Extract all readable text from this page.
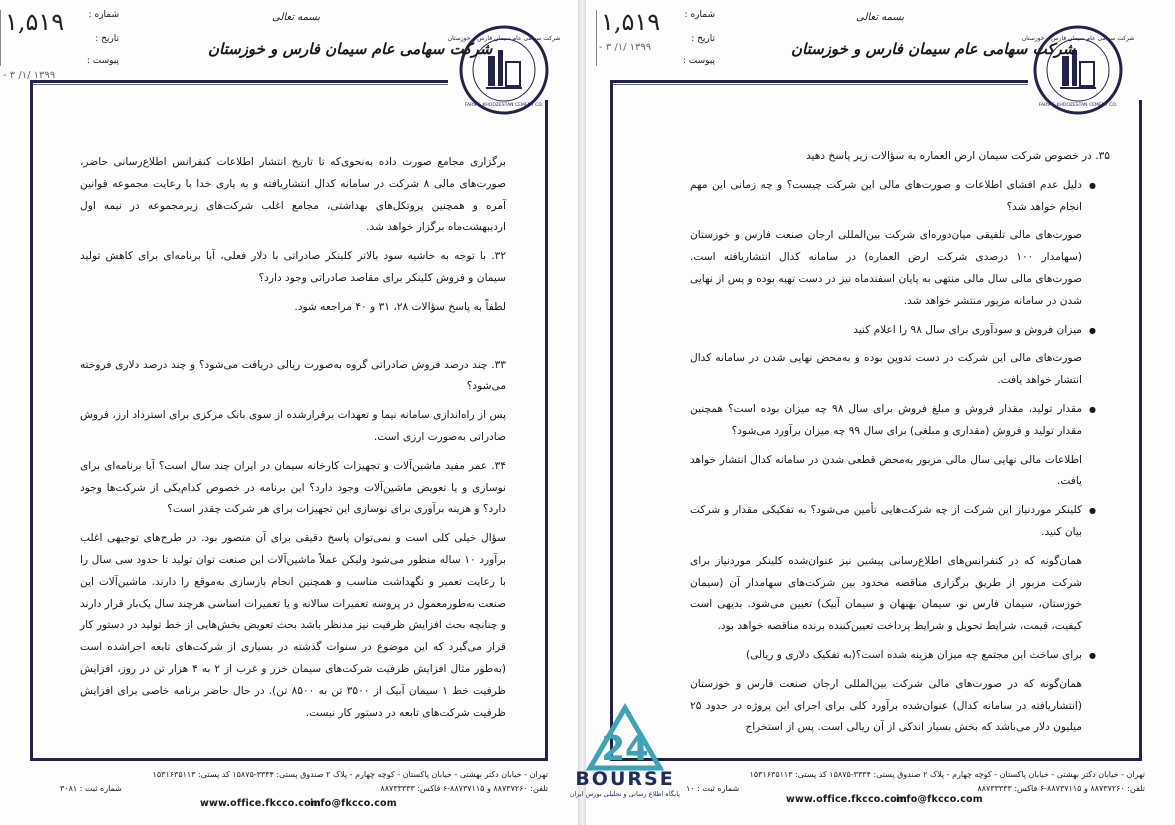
شرکت سهامی عام سیمان فارس و خوزستان
FARS & KHOOZESTAN CEMENT CO.
بسمه تعالی
شرکت سهامی عام سیمان فارس و خوزستان
شماره :
تاریخ :
پیوست :
۱,۵۱۹
۱۳۹۹ /۱/ ۳ -

برگزاری مجامع صورت داده به‌نحوی‌که تا تاریخ انتشار اطلاعات کنفرانس اطلاع‌رسانی حاضر، صورت‌های مالی ۸ شرکت در سامانه کدال انتشاریافته و به یاری خدا با رعایت مجموعه قوانین آمره و همچنین پروتکل‌های بهداشتی، مجامع اغلب شرکت‌های زیرمجموعه در نیمه اول اردیبهشت‌ماه برگزار خواهد شد.

۳۲. با توجه به حاشیه سود بالاتر کلینکر صادراتی با دلار فعلی، آیا برنامه‌ای برای کاهش تولید سیمان و فروش کلینکر برای مقاصد صادراتی وجود دارد؟

لطفاً به پاسخ سؤالات ۲۸، ۳۱ و ۴۰ مراجعه شود.

۳۳. چند درصد فروش صادراتی گروه به‌صورت ریالی دریافت می‌شود؟ و چند درصد دلاری فروخته می‌شود؟

پس از راه‌اندازی سامانه نیما و تعهدات برقرارشده از سوی بانک مرکزی برای استرداد ارز، فروش صادراتی به‌صورت ارزی است.

۳۴. عمر مفید ماشین‌آلات و تجهیزات کارخانه سیمان در ایران چند سال است؟ آیا برنامه‌ای برای نوسازی و یا تعویض ماشین‌آلات وجود دارد؟ این برنامه در خصوص کدام‌یکی از شرکت‌ها وجود دارد؟ و هزینه برآوری برای نوسازی این تجهیزات برای هر شرکت چقدر است؟

سؤال خیلی کلی است و نمی‌توان پاسخ دقیقی برای آن متصور بود. در طرح‌های توجیهی اغلب برآورد ۱۰ ساله منظور می‌شود ولیکن عملاً ماشین‌آلات این صنعت توان تولید تا حدود سی سال را با رعایت تعمیر و نگهداشت مناسب و همچنین انجام بازسازی به‌موقع را دارند. ماشین‌آلات این صنعت به‌طورمعمول در پروسه تعمیرات سالانه و یا تعمیرات اساسی هرچند سال یک‌بار قرار دارند و چنانچه بحث افزایش ظرفیت نیز مدنظر باشد بحث تعویض بخش‌هایی از خط تولید در دستور کار قرار می‌گیرد که این موضوع در سنوات گذشته در بسیاری از شرکت‌های تابعه اجراشده است (به‌طور مثال افزایش ظرفیت شرکت‌های سیمان خزر و غرب از ۲ به ۴ هزار تن در روز، افزایش ظرفیت خط ۱ سیمان آبیک از ۳۵۰۰ تن به ۸۵۰۰ تن). در حال حاضر برنامه خاصی برای افزایش ظرفیت شرکت‌های تابعه در دستور کار نیست.

تهران - خیابان دکتر بهشتی - خیابان پاکستان - کوچه چهارم - پلاک ۲ صندوق پستی: ۳۳۳۴-۱۵۸۷۵ کد پستی: ۱۵۳۱۶۳۵۱۱۳
تلفن: ۸۸۷۳۷۲۶۰ و ۸۸۷۳۷۱۱۵-۶ فاکس: ۸۸۷۳۳۳۳۳
شماره ثبت : ۳۰۸۱
www.office.fkcco.com
info@fkcco.com
شرکت سهامی عام سیمان فارس و خوزستان
FARS & KHOOZESTAN CEMENT CO.
بسمه تعالی
شرکت سهامی عام سیمان فارس و خوزستان
شماره :
تاریخ :
پیوست :
۱,۵۱۹
۱۳۹۹ /۱/ ۳ -

۳۵. در خصوص شرکت سیمان ارض العماره به سؤالات زیر پاسخ دهید

● دلیل عدم افشای اطلاعات و صورت‌های مالی این شرکت چیست؟ و چه زمانی این مهم انجام خواهد شد؟

صورت‌های مالی تلفیقی میان‌دوره‌ای شرکت بین‌المللی ارجان صنعت فارس و خوزستان (سهامدار ۱۰۰ درصدی شرکت ارض العماره) در سامانه کدال انتشاریافته است. صورت‌های مالی سال مالی منتهی به پایان اسفندماه نیز در دست تهیه بوده و پس از نهایی شدن در سامانه مزبور منتشر خواهد شد.

● میزان فروش و سودآوری برای سال ۹۸ را اعلام کنید

صورت‌های مالی این شرکت در دست تدوین بوده و به‌محض نهایی شدن در سامانه کدال انتشار خواهد یافت.

● مقدار تولید، مقدار فروش و مبلغ فروش برای سال ۹۸ چه میزان بوده است؟ همچنین مقدار تولید و فروش (مقداری و مبلغی) برای سال ۹۹ چه میزان برآورد می‌شود؟

اطلاعات مالی نهایی سال مالی مزبور به‌محض قطعی شدن در سامانه کدال انتشار خواهد یافت.

● کلینکر موردنیاز این شرکت از چه شرکت‌هایی تأمین می‌شود؟ به تفکیکی مقدار و شرکت بیان کنید.

همان‌گونه که در کنفرانس‌های اطلاع‌رسانی پیشین نیز عنوان‌شده کلینکر موردنیاز برای شرکت مزبور از طریق برگزاری مناقصه محدود بین شرکت‌های سهامدار آن (سیمان خوزستان، سیمان فارس نو، سیمان بهبهان و سیمان آبیک) تعیین می‌شود. بدیهی است کیفیت، قیمت، شرایط تحویل و شرایط پرداخت تعیین‌کننده برنده مناقصه خواهد بود.

● برای ساخت این مجتمع چه میزان هزینه شده است؟(به تفکیک دلاری و ریالی)

همان‌گونه که در صورت‌های مالی شرکت بین‌المللی ارجان صنعت فارس و خوزستان (انتشاریافته در سامانه کدال) عنوان‌شده برآورد کلی برای اجرای این پروژه در حدود ۲۵ میلیون دلار می‌باشد که بخش بسیار اندکی از آن ریالی است. پس از استخراج

تهران - خیابان دکتر بهشتی - خیابان پاکستان - کوچه چهارم - پلاک ۲ صندوق پستی: ۳۳۳۴-۱۵۸۷۵ کد پستی: ۱۵۳۱۶۳۵۱۱۳
تلفن: ۸۸۷۳۷۲۶۰ و ۸۸۷۳۷۱۱۵-۶ فاکس: ۸۸۷۳۳۳۳۳
شماره ثبت : ۱۰
www.office.fkcco.com
info@fkcco.com
24
BOURSE
پایگاه اطلاع رسانی و تحلیلی بورس ایران
